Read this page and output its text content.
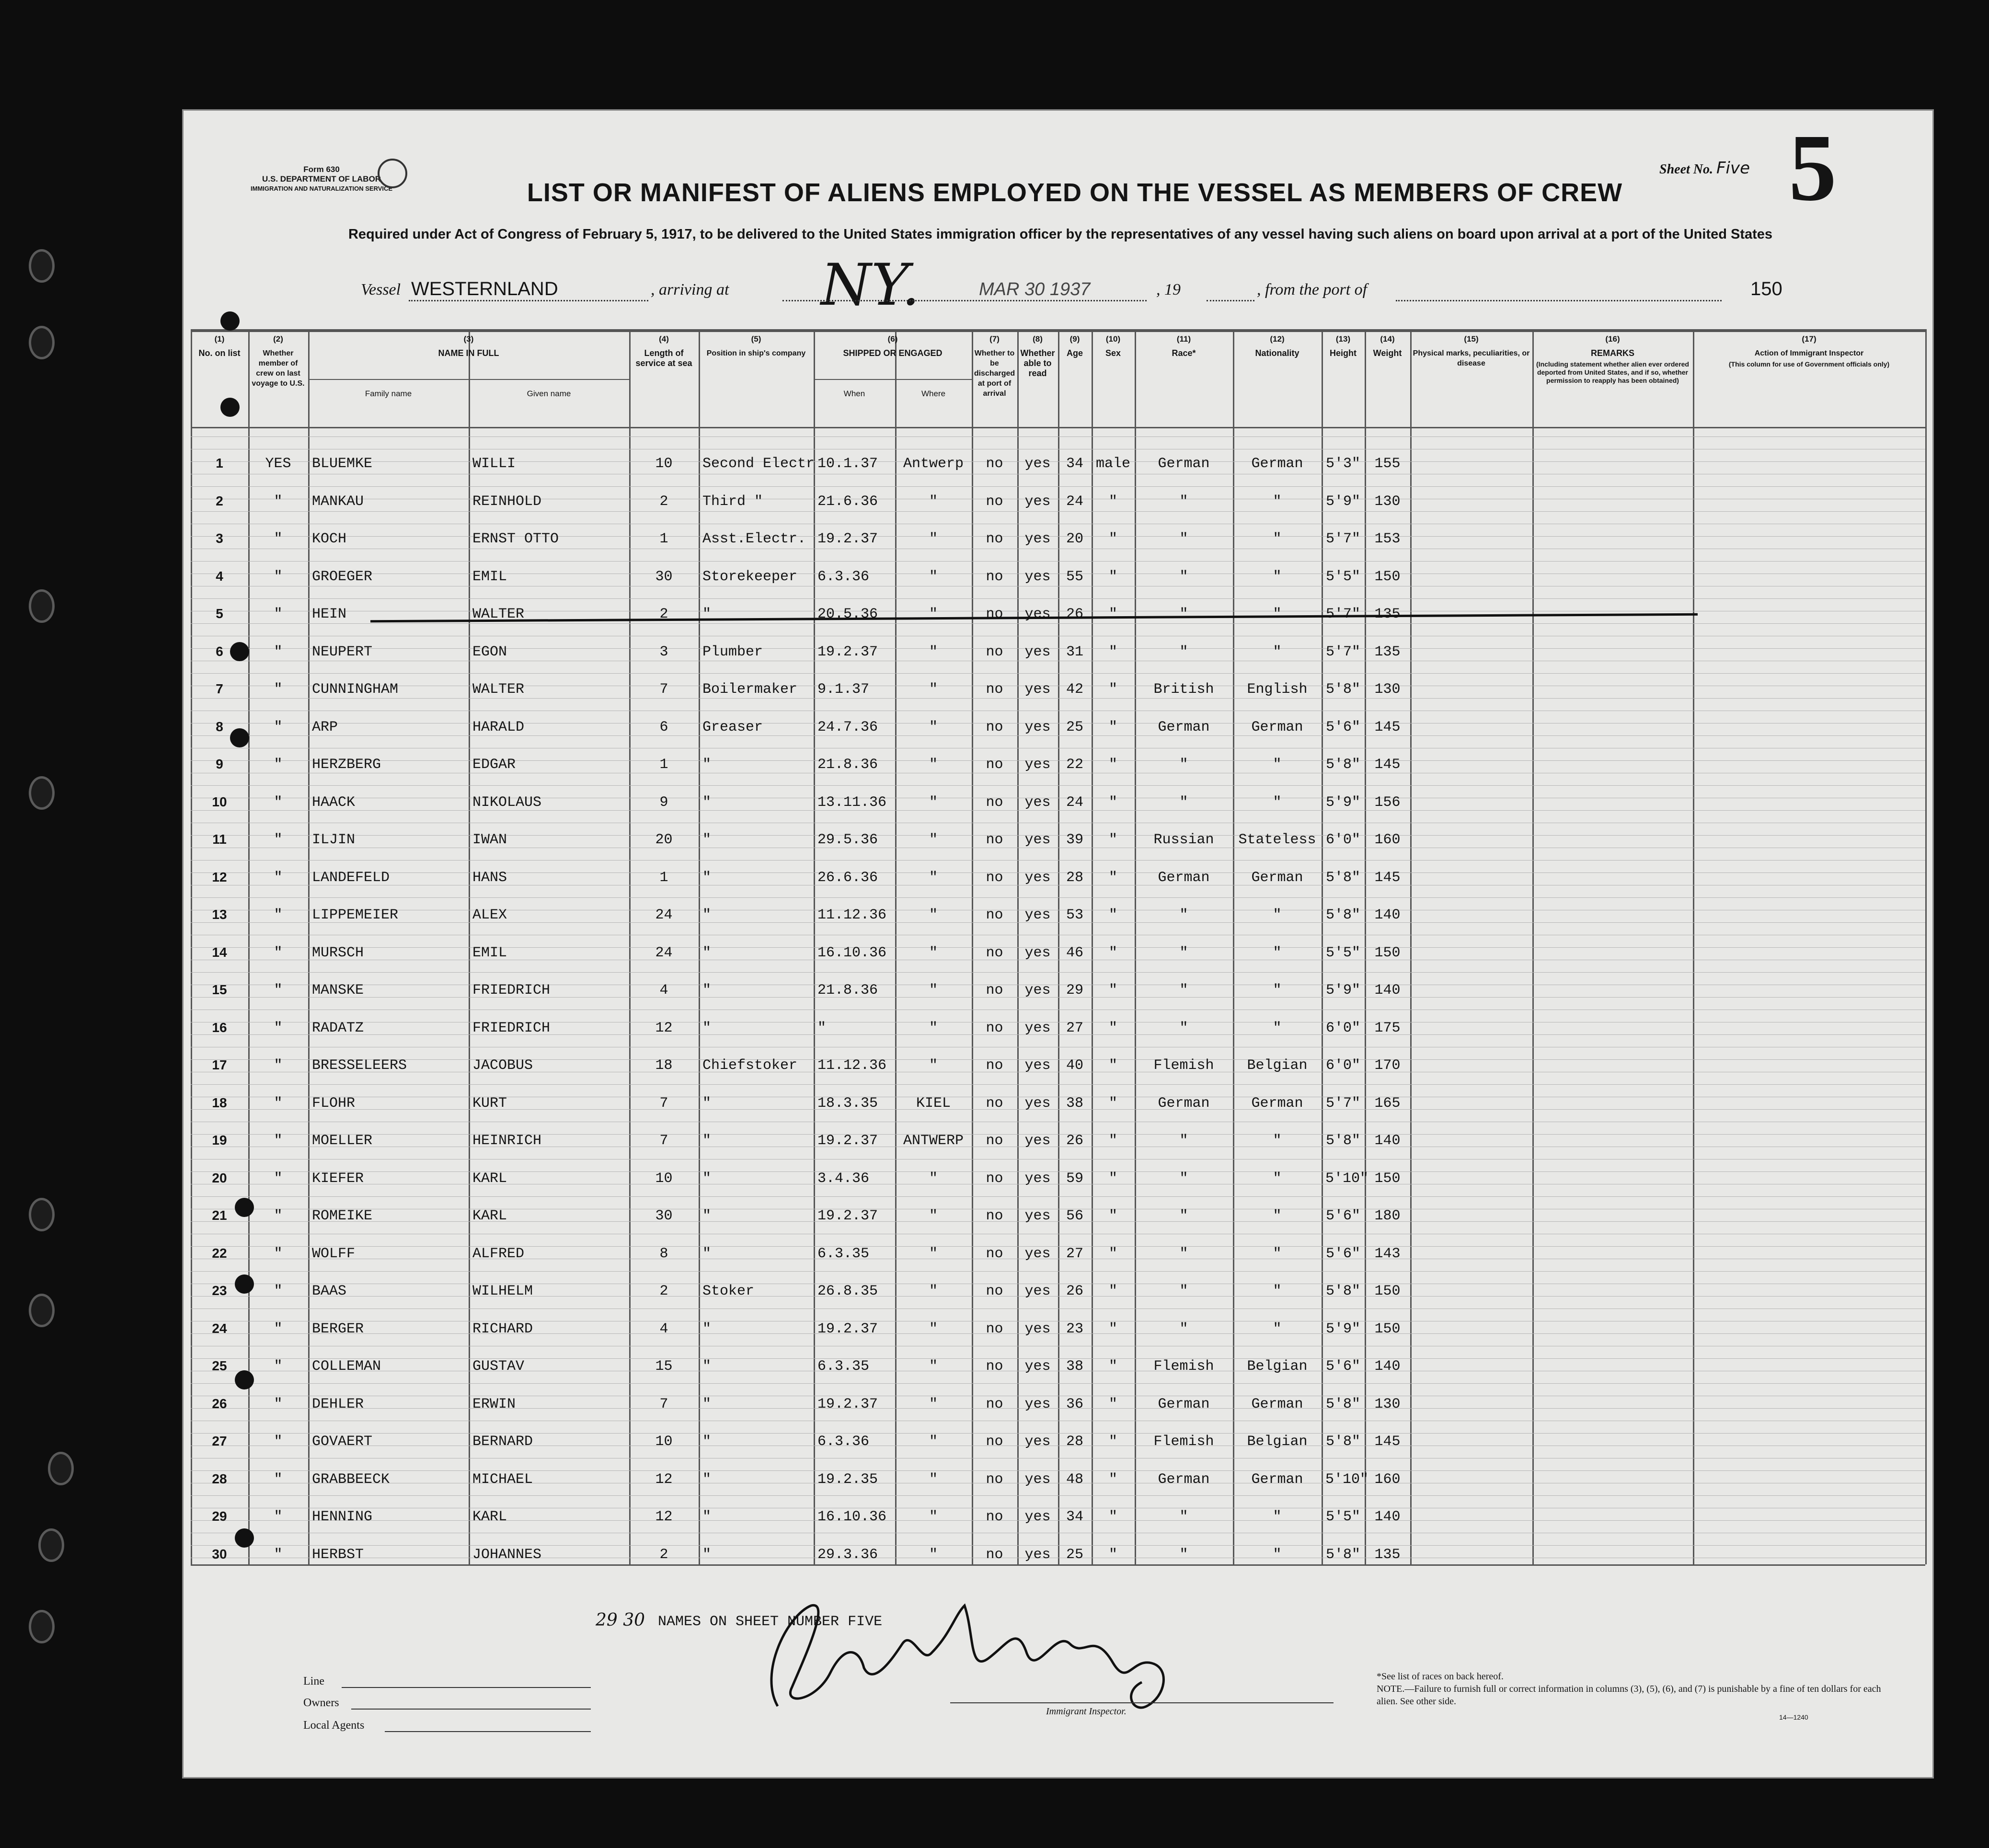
Form 630
U.S. DEPARTMENT OF LABOR
IMMIGRATION AND NATURALIZATION SERVICE	LIST OR MANIFEST OF ALIENS EMPLOYED ON THE VESSEL AS MEMBERS OF CREW
Required under Act of Congress of February 5, 1917, to be delivered to the United States immigration officer by the representatives of any vessel having such aliens on board upon arrival at a port of the United States
Sheet No. Five 5
Vessel WESTERNLAND	, arriving at NY.	MAR 30 1937	, 19	, from the port of	150
(1)
No. on list
(2)
Whether member of crew on last voyage to U.S.
(3)
NAME IN FULL
Family name	Given name
(4)
Length of service at sea
(5)
Position in ship's company
(6)
SHIPPED OR ENGAGED
When	Where
(7)
Whether to be discharged at port of arrival
(8)
Whether able to read
(9)
Age
(10)
Sex
(11)
Race*
(12)
Nationality
(13)
Height
(14)
Weight
(15)
Physical marks, peculiarities, or disease
(16)
REMARKS
(Including statement whether alien ever ordered deported from United States, and if so, whether permission to reapply has been obtained)
(17)
Action of Immigrant Inspector
(This column for use of Government officials only)
1	YES	BLUEMKE	WILLI	10	Second Electr 10.1.37	Antwerp	no	yes 34 male	German	German	5'3" 155
2	"	MANKAU	REINHOLD	2	Third "	21.6.36	"	no	yes 24	"	"	"	5'9" 130
3	"	KOCH	ERNST OTTO	1	Asst.Electr. 19.2.37	"	no	yes 20	"	"	"	5'7" 153
4	"	GROEGER	EMIL	30	Storekeeper	6.3.36	"	no	yes 55	"	"	"	5'5" 150
5	"	HEIN	WALTER	2	"	20.5.36	"	no	yes 26	"	"	"	5'7" 135
6	"	NEUPERT	EGON	3	Plumber	19.2.37	"	no	yes 31	"	"	"	5'7" 135
7	"	CUNNINGHAM	WALTER	7	Boilermaker	9.1.37	"	no	yes 42	"	British	English	5'8" 130
8	"	ARP	HARALD	6	Greaser	24.7.36	"	no	yes 25	"	German	German	5'6" 145
9	"	HERZBERG	EDGAR	1	"	21.8.36	"	no	yes 22	"	"	"	5'8" 145
10	"	HAACK	NIKOLAUS	9	"	13.11.36	"	no	yes 24	"	"	"	5'9" 156
11	"	ILJIN	IWAN	20	"	29.5.36	"	no	yes 39	"	Russian	Stateless 6'0" 160
12	"	LANDEFELD	HANS	1	"	26.6.36	"	no	yes 28	"	German	German	5'8" 145
13	"	LIPPEMEIER	ALEX	24	"	11.12.36	"	no	yes 53	"	"	"	5'8" 140
14	"	MURSCH	EMIL	24	"	16.10.36	"	no	yes 46	"	"	"	5'5" 150
15	"	MANSKE	FRIEDRICH	4	"	21.8.36	"	no	yes 29	"	"	"	5'9" 140
16	"	RADATZ	FRIEDRICH	12	"	"	"	no	yes 27	"	"	"	6'0" 175
17	"	BRESSELEERS	JACOBUS	18	Chiefstoker	11.12.36	"	no	yes 40	"	Flemish	Belgian	6'0" 170
18	"	FLOHR	KURT	7	"	18.3.35	KIEL	no	yes 38	"	German	German	5'7" 165
19	"	MOELLER	HEINRICH	7	"	19.2.37	ANTWERP	no	yes 26	"	"	"	5'8" 140
20	"	KIEFER	KARL	10	"	3.4.36	"	no	yes 59	"	"	"	5'10" 150
21	"	ROMEIKE	KARL	30	"	19.2.37	"	no	yes 56	"	"	"	5'6" 180
22	"	WOLFF	ALFRED	8	"	6.3.35	"	no	yes 27	"	"	"	5'6" 143
23	"	BAAS	WILHELM	2	Stoker	26.8.35	"	no	yes 26	"	"	"	5'8" 150
24	"	BERGER	RICHARD	4	"	19.2.37	"	no	yes 23	"	"	"	5'9" 150
25	"	COLLEMAN	GUSTAV	15	"	6.3.35	"	no	yes 38	"	Flemish	Belgian	5'6" 140
26	"	DEHLER	ERWIN	7	"	19.2.37	"	no	yes 36	"	German	German	5'8" 130
27	"	GOVAERT	BERNARD	10	"	6.3.36	"	no	yes 28	"	Flemish	Belgian	5'8" 145
28	"	GRABBEECK	MICHAEL	12	"	19.2.35	"	no	yes 48	"	German	German	5'10" 160
29	"	HENNING	KARL	12	"	16.10.36	"	no	yes 34	"	"	"	5'5" 140
30	"	HERBST	JOHANNES	2	"	29.3.36	"	no	yes 25	"	"	"	5'8" 135
29 30 NAMES ON SHEET NUMBER FIVE
Line
Owners
Local Agents
Immigrant Inspector.
*See list of races on back hereof.
NOTE.—Failure to furnish full or correct information in columns (3), (5), (6), and (7) is punishable by a fine of ten dollars for each alien. See other side.
14—1240
